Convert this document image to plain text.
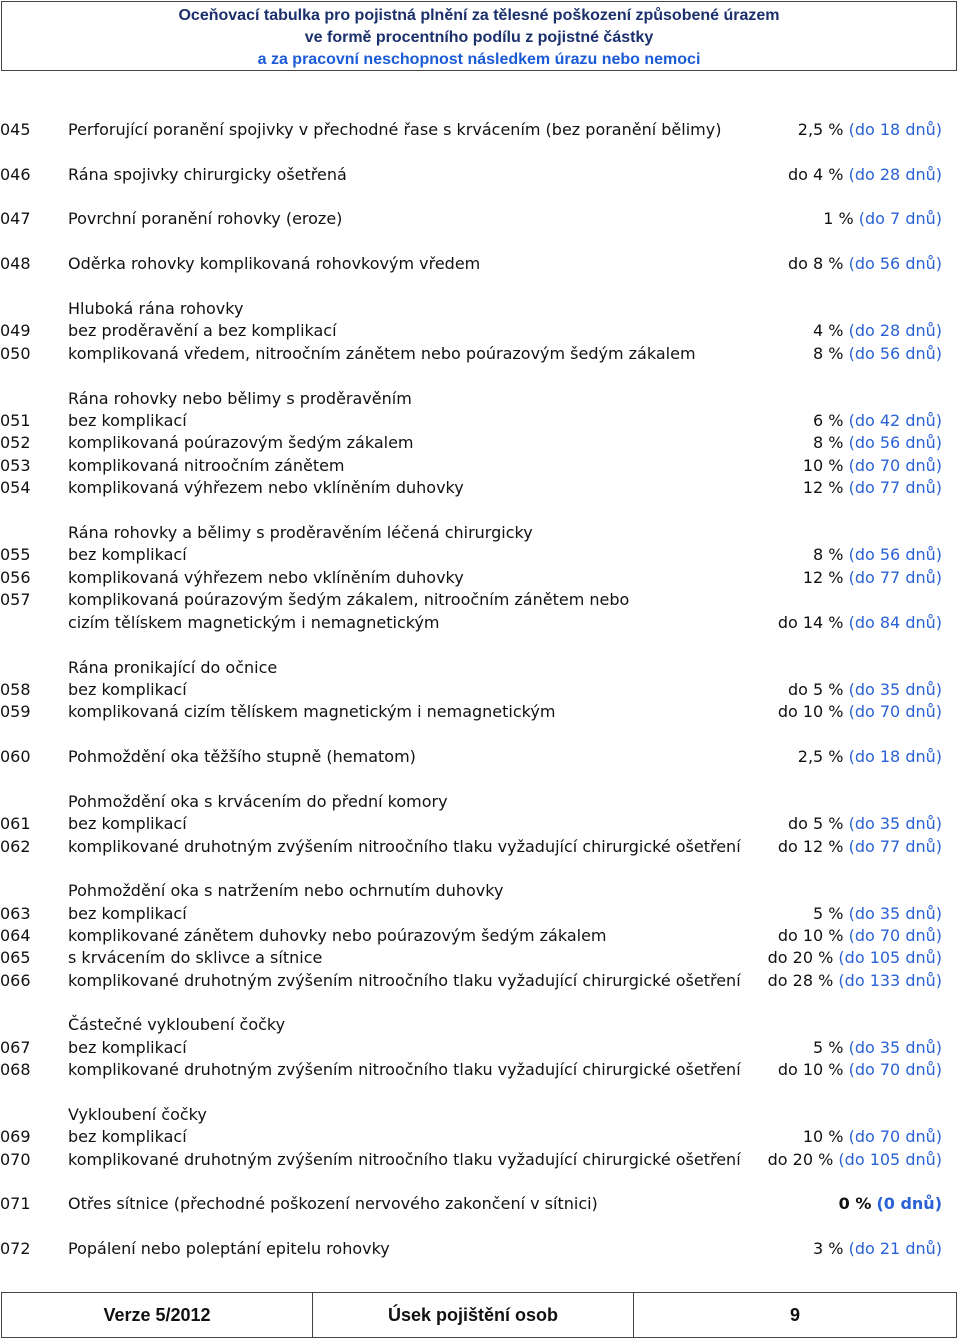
Oceňovací tabulka pro pojistná plnění za tělesné poškození způsobené úrazem
ve formě procentního podílu z pojistné částky
a za pracovní neschopnost následkem úrazu nebo nemoci
045	Perforující poranění spojivky v přechodné řase s krvácením (bez poranění bělimy)	2,5 % (do 18 dnů)
046	Rána spojivky chirurgicky ošetřená	do 4 % (do 28 dnů)
047	Povrchní poranění rohovky (eroze)	1 % (do 7 dnů)
048	Oděrka rohovky komplikovaná rohovkovým vředem	do 8 % (do 56 dnů)
Hluboká rána rohovky
049	bez proděravění a bez komplikací	4 % (do 28 dnů)
050	komplikovaná vředem, nitroočním zánětem nebo poúrazovým šedým zákalem	8 % (do 56 dnů)
Rána rohovky nebo bělimy s proděravěním
051	bez komplikací	6 % (do 42 dnů)
052	komplikovaná poúrazovým šedým zákalem	8 % (do 56 dnů)
053	komplikovaná nitroočním zánětem	10 % (do 70 dnů)
054	komplikovaná výhřezem nebo vklíněním duhovky	12 % (do 77 dnů)
Rána rohovky a bělimy s proděravěním léčená chirurgicky
055	bez komplikací	8 % (do 56 dnů)
056	komplikovaná výhřezem nebo vklíněním duhovky	12 % (do 77 dnů)
057	komplikovaná poúrazovým šedým zákalem, nitroočním zánětem nebo
cizím tělískem magnetickým i nemagnetickým	do 14 % (do 84 dnů)
Rána pronikající do očnice
058	bez komplikací	do 5 % (do 35 dnů)
059	komplikovaná cizím tělískem magnetickým i nemagnetickým	do 10 % (do 70 dnů)
060	Pohmoždění oka těžšího stupně (hematom)	2,5 % (do 18 dnů)
Pohmoždění oka s krvácením do přední komory
061	bez komplikací	do 5 % (do 35 dnů)
062	komplikované druhotným zvýšením nitroočního tlaku vyžadující chirurgické ošetření do 12 % (do 77 dnů)
Pohmoždění oka s natržením nebo ochrnutím duhovky
063	bez komplikací	5 % (do 35 dnů)
064	komplikované zánětem duhovky nebo poúrazovým šedým zákalem	do 10 % (do 70 dnů)
065	s krvácením do sklivce a sítnice	do 20 % (do 105 dnů)
066	komplikované druhotným zvýšením nitroočního tlaku vyžadující chirurgické ošetření do 28 % (do 133 dnů)
Částečné vykloubení čočky
067	bez komplikací	5 % (do 35 dnů)
068	komplikované druhotným zvýšením nitroočního tlaku vyžadující chirurgické ošetření do 10 % (do 70 dnů)
Vykloubení čočky
069	bez komplikací	10 % (do 70 dnů)
070	komplikované druhotným zvýšením nitroočního tlaku vyžadující chirurgické ošetření do 20 % (do 105 dnů)
071	Otřes sítnice (přechodné poškození nervového zakončení v sítnici)	0 % (0 dnů)
072	Popálení nebo poleptání epitelu rohovky	3 % (do 21 dnů)
Verze 5/2012	Úsek pojištění osob	9
